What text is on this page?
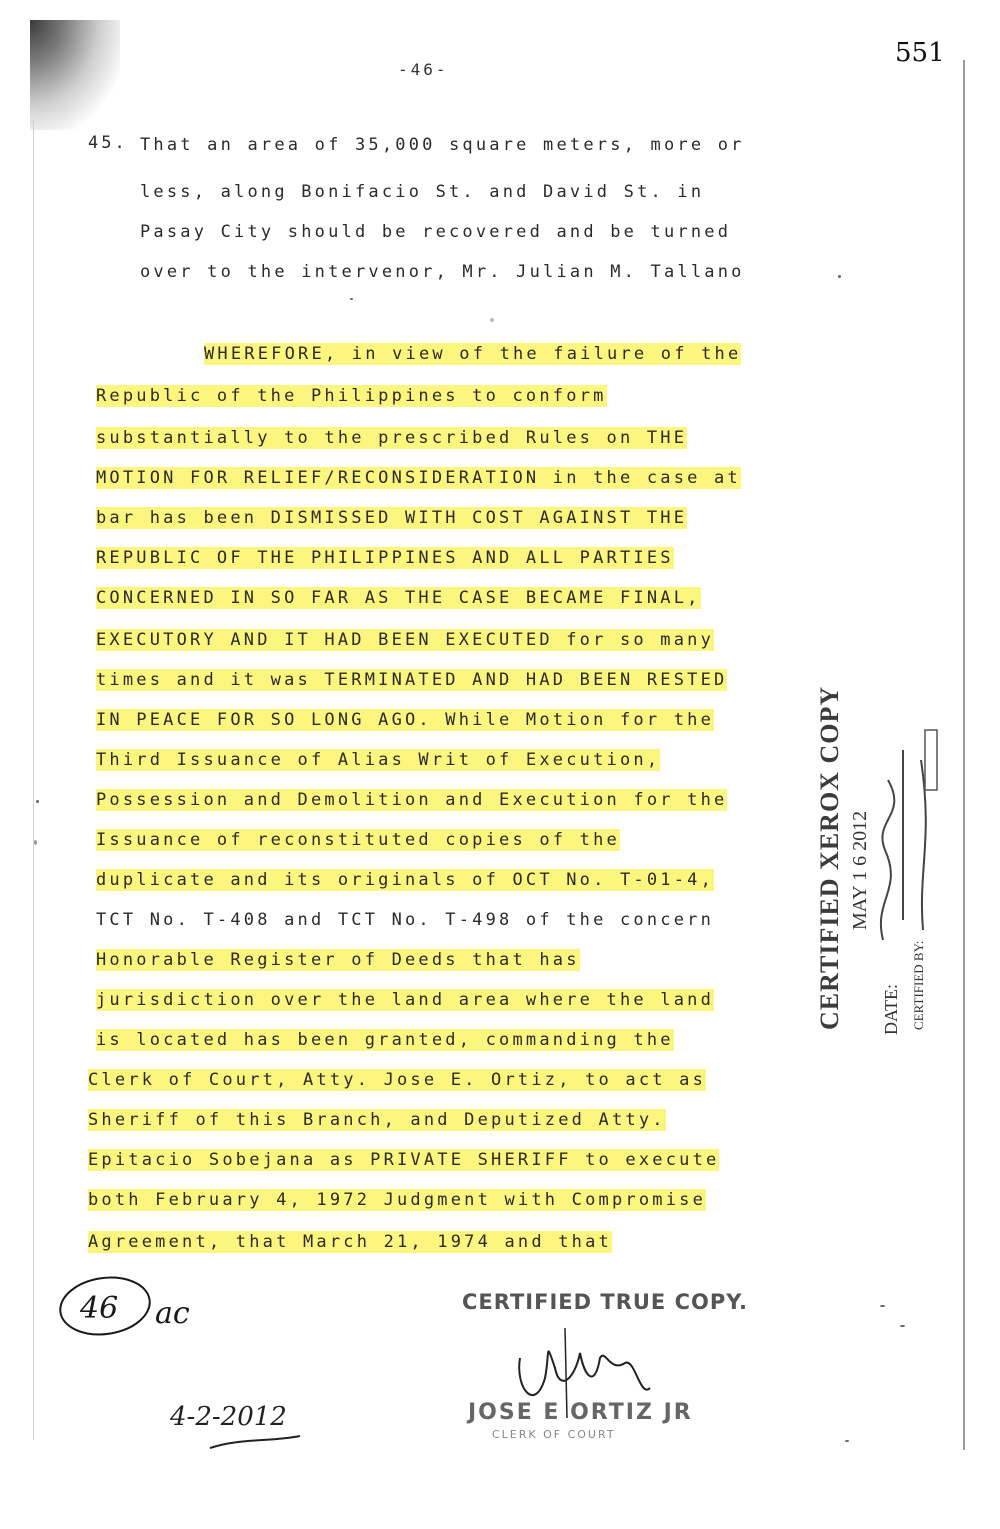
551
-46-
45. That an area of 35,000 square meters, more or
less, along Bonifacio St. and David St. in
Pasay City should be recovered and be turned
over to the intervenor, Mr. Julian M. Tallano
WHEREFORE, in view of the failure of the
Republic of the Philippines to conform
substantially to the prescribed Rules on THE
MOTION FOR RELIEF/RECONSIDERATION in the case at
bar has been DISMISSED WITH COST AGAINST THE
REPUBLIC OF THE PHILIPPINES AND ALL PARTIES
CONCERNED IN SO FAR AS THE CASE BECAME FINAL,
EXECUTORY AND IT HAD BEEN EXECUTED for so many
times and it was TERMINATED AND HAD BEEN RESTED
IN PEACE FOR SO LONG AGO. While Motion for the
Third Issuance of Alias Writ of Execution,
Possession and Demolition and Execution for the
Issuance of reconstituted copies of the
duplicate and its originals of OCT No. T-01-4,
TCT No. T-408 and TCT No. T-498 of the concern
Honorable Register of Deeds that has
jurisdiction over the land area where the land
is located has been granted, commanding the
Clerk of Court, Atty. Jose E. Ortiz, to act as
Sheriff of this Branch, and Deputized Atty.
Epitacio Sobejana as PRIVATE SHERIFF to execute
both February 4, 1972 Judgment with Compromise
Agreement, that March 21, 1974 and that
CERTIFIED XEROX COPY MAY 1 6 2012
DATE: CERTIFIED BY:
CERTIFIED TRUE COPY.
JOSE E ORTIZ JR
CLERK OF COURT
46 ac
4-2-2012
